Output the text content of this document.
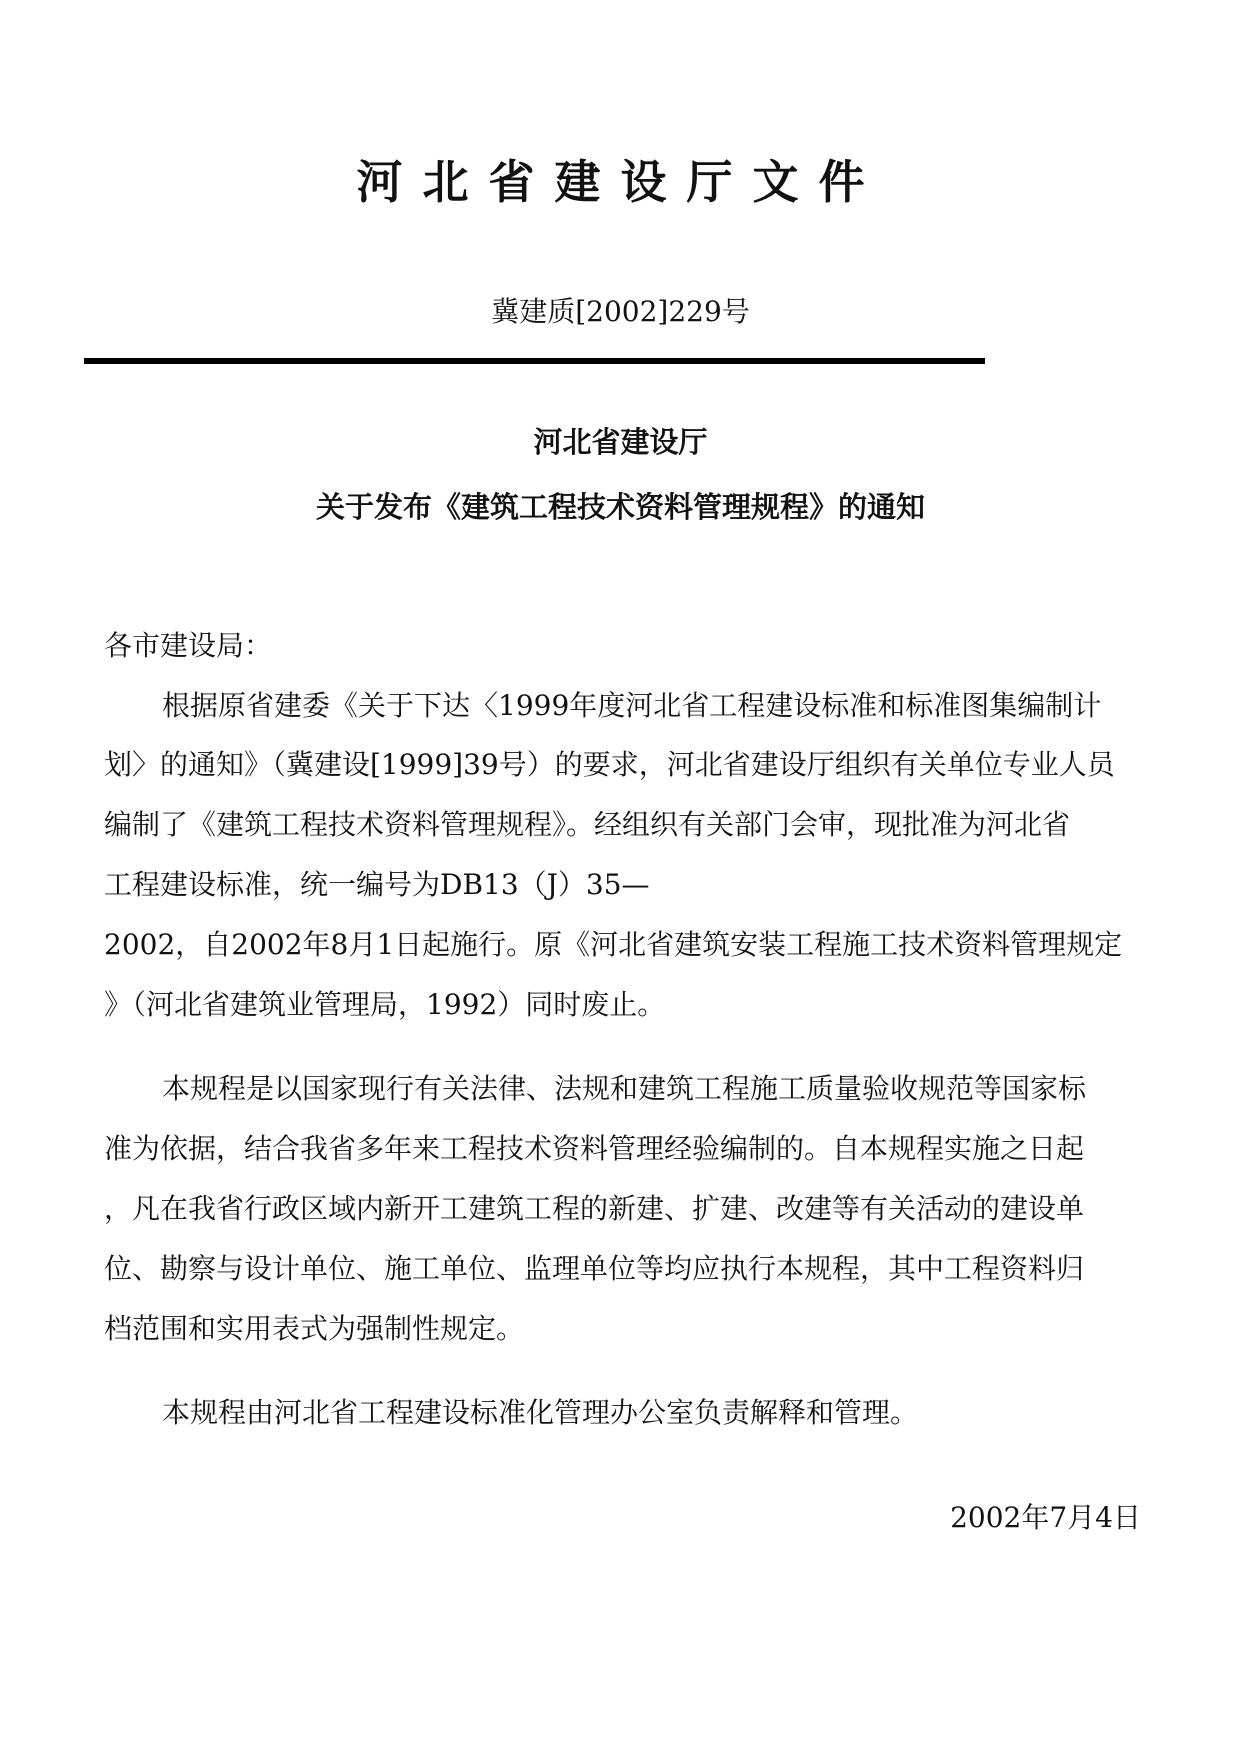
河北省建设厅文件
冀建质[2002]229号
河北省建设厅
关于发布《建筑工程技术资料管理规程》的通知
各市建设局：
根据原省建委《关于下达〈1999年度河北省工程建设标准和标准图集编制计
划〉的通知》（冀建设[1999]39号）的要求，河北省建设厅组织有关单位专业人员
编制了《建筑工程技术资料管理规程》。经组织有关部门会审，现批准为河北省
工程建设标准，统一编号为DB13（J）35—
2002，自2002年8月1日起施行。原《河北省建筑安装工程施工技术资料管理规定
》（河北省建筑业管理局，1992）同时废止。
本规程是以国家现行有关法律、法规和建筑工程施工质量验收规范等国家标
准为依据，结合我省多年来工程技术资料管理经验编制的。自本规程实施之日起
，凡在我省行政区域内新开工建筑工程的新建、扩建、改建等有关活动的建设单
位、勘察与设计单位、施工单位、监理单位等均应执行本规程，其中工程资料归
档范围和实用表式为强制性规定。
本规程由河北省工程建设标准化管理办公室负责解释和管理。
2002年7月4日
